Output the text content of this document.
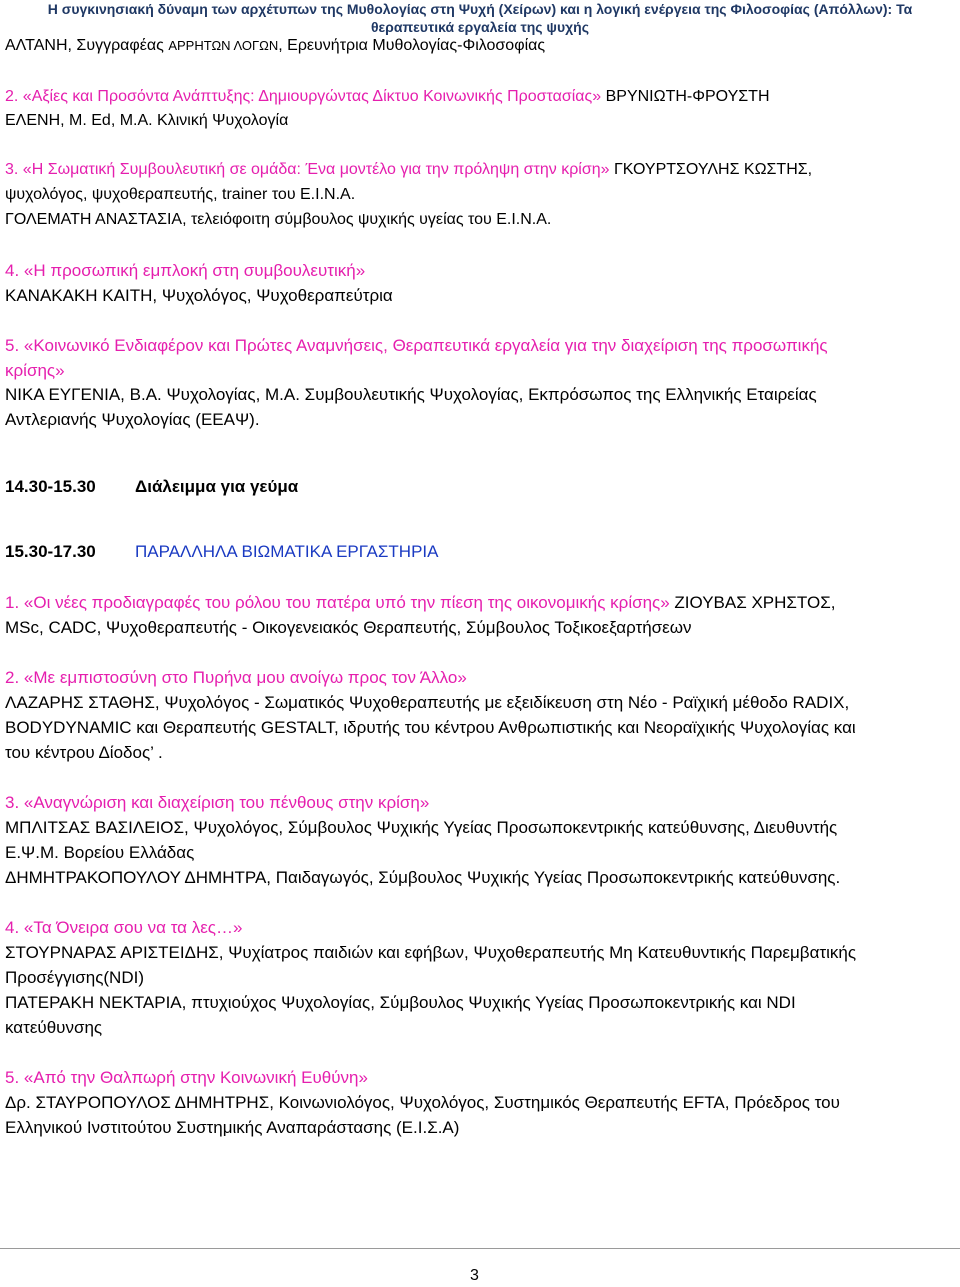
Η συγκινησιακή δύναμη των αρχέτυπων της Μυθολογίας στη Ψυχή (Χείρων) και η λογική ενέργεια της Φιλοσοφίας (Απόλλων): Τα
θεραπευτικά εργαλεία της ψυχής
ΑΛΤΑΝΗ, Συγγραφέας ΑΡΡΗΤΩΝ ΛΟΓΩΝ, Ερευνήτρια Μυθολογίας-Φιλοσοφίας
2. «Αξίες και Προσόντα Ανάπτυξης: Δημιουργώντας Δίκτυο Κοινωνικής Προστασίας» ΒΡΥΝΙΩΤΗ-ΦΡΟΥΣΤΗ
ΕΛΕΝΗ, Μ. Ed, Μ.Α. Κλινική Ψυχολογία
3. «Η Σωματική Συμβουλευτική σε ομάδα: Ένα μοντέλο για την πρόληψη στην κρίση» ΓΚΟΥΡΤΣΟΥΛΗΣ ΚΩΣΤΗΣ,
ψυχολόγος, ψυχοθεραπευτής, trainer του Ε.Ι.Ν.Α.
ΓΟΛΕΜΑΤΗ ΑΝΑΣΤΑΣΙΑ, τελειόφοιτη σύμβουλος ψυχικής υγείας του Ε.Ι.Ν.Α.
4. «Η προσωπική εμπλοκή στη συμβουλευτική»
ΚΑΝΑΚΑΚΗ ΚΑΙΤΗ, Ψυχολόγος, Ψυχοθεραπεύτρια
5. «Κοινωνικό Ενδιαφέρον και Πρώτες Αναμνήσεις, Θεραπευτικά εργαλεία για την διαχείριση της προσωπικής
κρίσης»
ΝΙΚΑ ΕΥΓΕΝΙΑ, Β.Α. Ψυχολογίας, Μ.Α. Συμβουλευτικής Ψυχολογίας, Εκπρόσωπος της Ελληνικής Εταιρείας
Αντλεριανής Ψυχολογίας (ΕΕΑΨ).
14.30-15.30 Διάλειμμα για γεύμα
15.30-17.30 ΠΑΡΑΛΛΗΛΑ ΒΙΩΜΑΤΙΚΑ ΕΡΓΑΣΤΗΡΙΑ
1. «Οι νέες προδιαγραφές του ρόλου του πατέρα υπό την πίεση της οικονομικής κρίσης» ΖΙΟΥΒΑΣ ΧΡΗΣΤΟΣ,
MSc, CADC, Ψυχοθεραπευτής - Οικογενειακός Θεραπευτής, Σύμβουλος Τοξικοεξαρτήσεων
2. «Με εμπιστοσύνη στο Πυρήνα μου ανοίγω προς τον Άλλο»
ΛΑΖΑΡΗΣ ΣΤΑΘΗΣ, Ψυχολόγος - Σωματικός Ψυχοθεραπευτής με εξειδίκευση στη Νέο - Ραϊχική μέθοδο RADIX,
BODYDYNAMIC και Θεραπευτής GESTALT, ιδρυτής του κέντρου Ανθρωπιστικής και Νεοραϊχικής Ψυχολογίας και
του κέντρου Δίοδος’ .
3. «Αναγνώριση και διαχείριση του πένθους στην κρίση»
ΜΠΛΙΤΣΑΣ ΒΑΣΙΛΕΙΟΣ, Ψυχολόγος, Σύμβουλος Ψυχικής Υγείας Προσωποκεντρικής κατεύθυνσης, Διευθυντής
Ε.Ψ.Μ. Βορείου Ελλάδας
ΔΗΜΗΤΡΑΚΟΠΟΥΛΟΥ ΔΗΜΗΤΡΑ, Παιδαγωγός, Σύμβουλος Ψυχικής Υγείας Προσωποκεντρικής κατεύθυνσης.
4. «Τα Όνειρα σου να τα λες…»
ΣΤΟΥΡΝΑΡΑΣ ΑΡΙΣΤΕΙΔΗΣ, Ψυχίατρος παιδιών και εφήβων, Ψυχοθεραπευτής Μη Κατευθυντικής Παρεμβατικής
Προσέγγισης(NDI)
ΠΑΤΕΡΑΚΗ ΝΕΚΤΑΡΙΑ, πτυχιούχος Ψυχολογίας, Σύμβουλος Ψυχικής Υγείας Προσωποκεντρικής και NDI
κατεύθυνσης
5. «Από την Θαλπωρή στην Κοινωνική Ευθύνη»
Δρ. ΣΤΑΥΡΟΠΟΥΛΟΣ ΔΗΜΗΤΡΗΣ, Κοινωνιολόγος, Ψυχολόγος, Συστημικός Θεραπευτής EFTA, Πρόεδρος του
Ελληνικού Ινστιτούτου Συστημικής Αναπαράστασης (Ε.Ι.Σ.Α)
3
